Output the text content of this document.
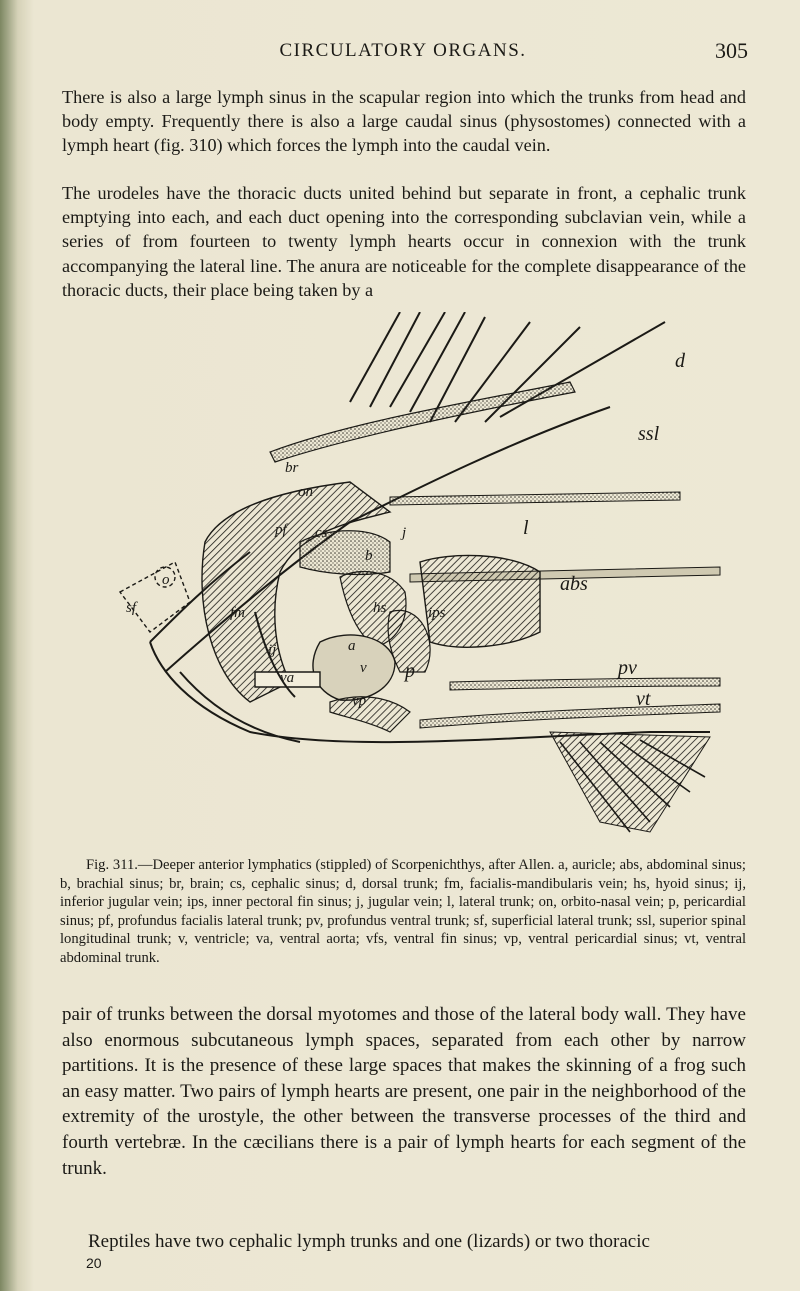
CIRCULATORY ORGANS.	305

There is also a large lymph sinus in the scapular region into which the trunks from head and body empty. Frequently there is also a large caudal sinus (physostomes) connected with a lymph heart (fig. 310) which forces the lymph into the caudal vein.

The urodeles have the thoracic ducts united behind but separate in front, a cephalic trunk emptying into each, and each duct opening into the corresponding subclavian vein, while a series of from fourteen to twenty lymph hearts occur in connexion with the trunk accompanying the lateral line. The anura are noticeable for the complete disappearance of the thoracic ducts, their place being taken by a

d
ssl
br
on
pf cs
b
j	l
abs
hs	ips
ij
va
a
p
v
vp
pv
vt
fm
sf
o

Fig. 311.—Deeper anterior lymphatics (stippled) of Scorpenichthys, after Allen. a, auricle; abs, abdominal sinus; b, brachial sinus; br, brain; cs, cephalic sinus; d, dorsal trunk; fm, facialis-mandibularis vein; hs, hyoid sinus; ij, inferior jugular vein; ips, inner pectoral fin sinus; j, jugular vein; l, lateral trunk; on, orbito-nasal vein; p, pericardial sinus; pf, profundus facialis lateral trunk; pv, profundus ventral trunk; sf, superficial lateral trunk; ssl, superior spinal longitudinal trunk; v, ventricle; va, ventral aorta; vfs, ventral fin sinus; vp, ventral pericardial sinus; vt, ventral abdominal trunk.

pair of trunks between the dorsal myotomes and those of the lateral body wall. They have also enormous subcutaneous lymph spaces, separated from each other by narrow partitions. It is the presence of these large spaces that makes the skinning of a frog such an easy matter. Two pairs of lymph hearts are present, one pair in the neighborhood of the extremity of the urostyle, the other between the transverse processes of the third and fourth vertebræ. In the cæcilians there is a pair of lymph hearts for each segment of the trunk.

Reptiles have two cephalic lymph trunks and one (lizards) or two thoracic

20
